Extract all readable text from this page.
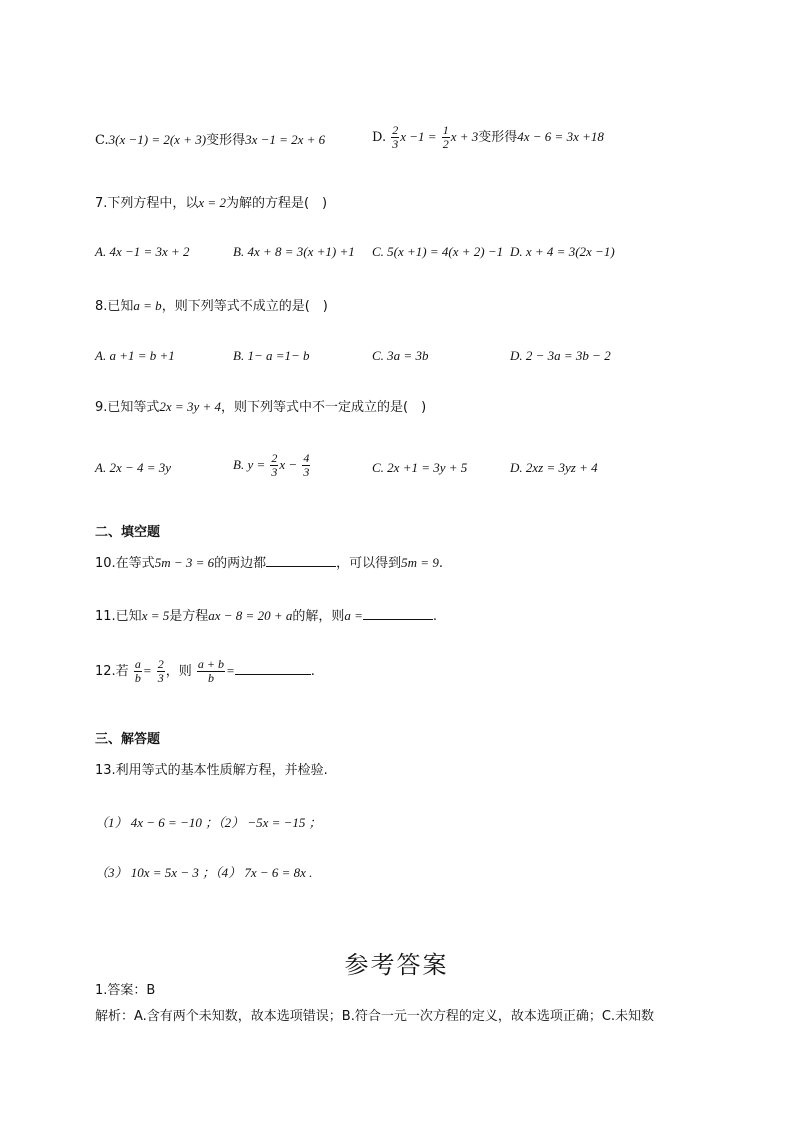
C.3(x −1) = 2(x + 3)变形得3x −1 = 2x + 6	D. $\frac{2}{3}$ $x -1 = \frac{1}{2}$ x + 3变形得4x − 6 = 3x +18
7.下列方程中，以x = 2为解的方程是(　)
A. 4x −1 = 3x + 2	B. 4x + 8 = 3(x +1) +1 C. 5(x +1) = 4(x + 2) −1 D. x + 4 = 3(2x −1)
8.已知a = b，则下列等式不成立的是(　)
A. a +1 = b +1	B. 1− a =1− b	C. 3a = 3b	D. 2 − 3a = 3b − 2
9.已知等式2x = 3y + 4，则下列等式中不一定成立的是(　)
A. 2x − 4 = 3y	B. $y = \frac{2}{3}$ $x - \frac{4}{3}$	C. 2x +1 = 3y + 5	D. 2xz = 3yz + 4
二、填空题
10.在等式5m − 3 = 6的两边都	，可以得到5m = 9.
11.已知x = 5是方程ax − 8 = 20 + a的解，则a =	.
12.若 $\frac{a}{b} = \frac{2}{3}$ ，则 $\frac{a + b}{b}$ =	.
三、解答题
13.利用等式的基本性质解方程，并检验.
（1） 4x − 6 = −10 ；（2） −5x = −15 ；
（3） 10x = 5x − 3 ；（4） 7x − 6 = 8x .
参考答案
1.答案：B
解析：A.含有两个未知数，故本选项错误；B.符合一元一次方程的定义，故本选项正确；C.未知数
